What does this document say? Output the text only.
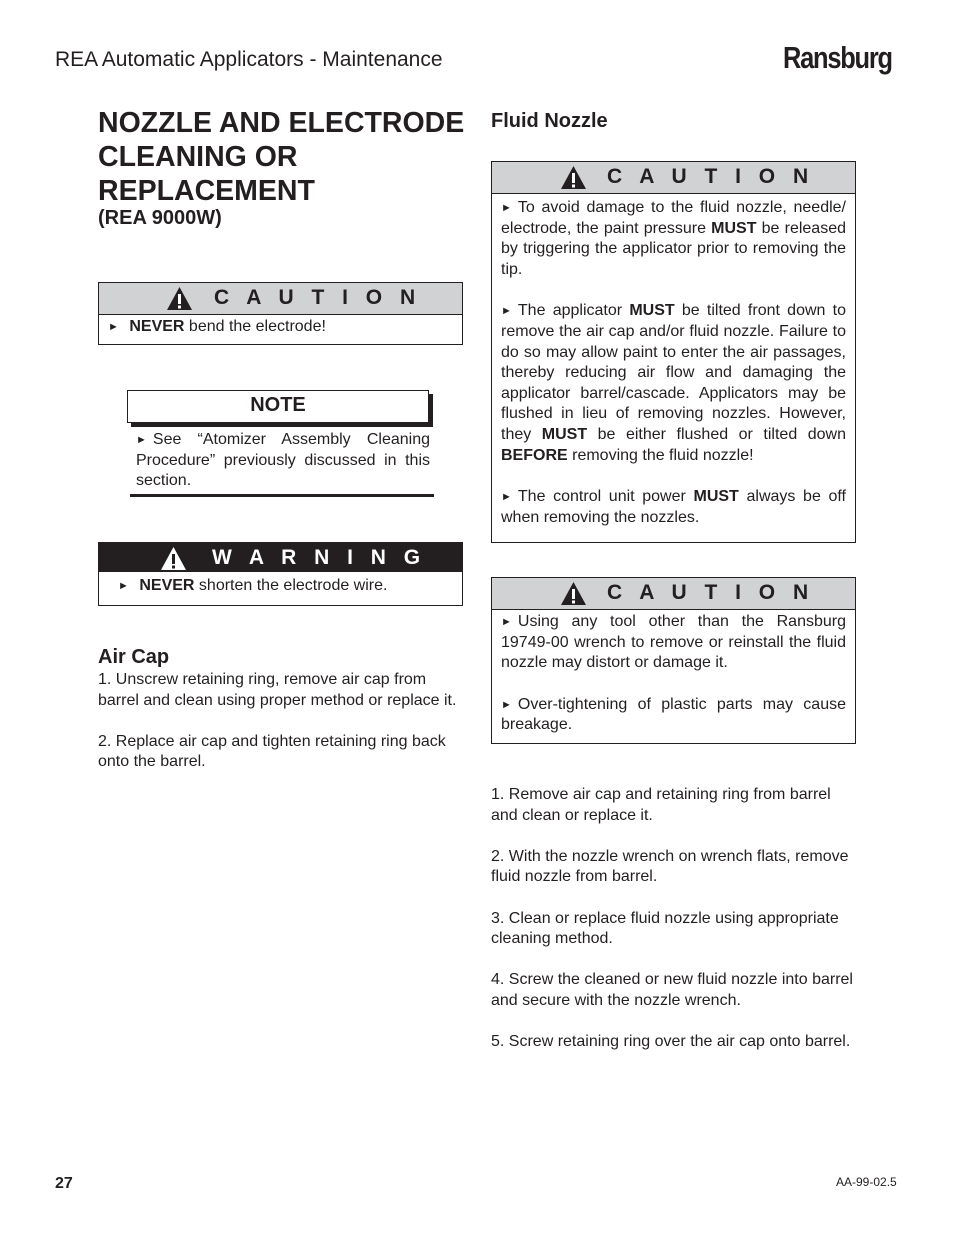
REA Automatic Applicators - Maintenance	Ransburg
NOZZLE AND ELECTRODE CLEANING OR REPLACEMENT
(REA 9000W)
C A U T I O N
► NEVER bend the electrode!
NOTE
► See “Atomizer Assembly Cleaning Procedure” previously discussed in this section.
W A R N I N G
► NEVER shorten the electrode wire.
Air Cap

1. Unscrew retaining ring, remove air cap from barrel and clean using proper method or replace it.

2. Replace air cap and tighten retaining ring back onto the barrel.

Fluid Nozzle
C A U T I O N

► To avoid damage to the fluid nozzle, needle/ electrode, the paint pressure MUST be released by triggering the applicator prior to removing the tip.

► The applicator MUST be tilted front down to remove the air cap and/or fluid nozzle. Failure to do so may allow paint to enter the air passages, thereby reducing air flow and damaging the applicator barrel/cascade. Applicators may be flushed in lieu of removing nozzles. However, they MUST be either flushed or tilted down BEFORE removing the fluid nozzle!

► The control unit power MUST always be off when removing the nozzles.

C A U T I O N

► Using any tool other than the Ransburg 19749-00 wrench to remove or reinstall the fluid nozzle may distort or damage it.

► Over-tightening of plastic parts may cause breakage.

1. Remove air cap and retaining ring from barrel and clean or replace it.

2. With the nozzle wrench on wrench flats, remove fluid nozzle from barrel.

3. Clean or replace fluid nozzle using appropriate cleaning method.

4. Screw the cleaned or new fluid nozzle into barrel and secure with the nozzle wrench.

5. Screw retaining ring over the air cap onto barrel.

27	AA-99-02.5
